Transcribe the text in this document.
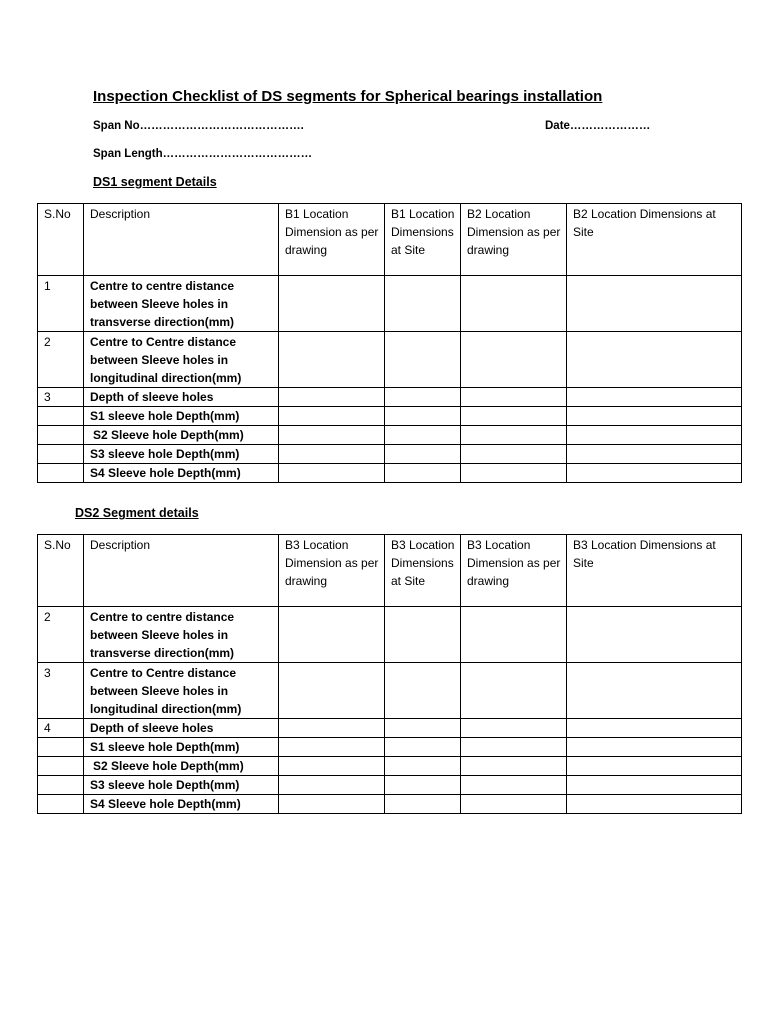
Inspection Checklist of DS segments for Spherical bearings installation
Span No…………………………………….	Date…………………
Span Length…………………………………
DS1 segment Details
S.No	Description	B1 Location Dimension as per drawing	B1 Location Dimensions at Site	B2 Location Dimension as per drawing	B2 Location Dimensions at Site
1	Centre to centre distance between Sleeve holes in transverse direction(mm)				
2	Centre to Centre distance between Sleeve holes in longitudinal direction(mm)				
3	Depth of sleeve holes				
	S1 sleeve hole Depth(mm)				
	S2 Sleeve hole Depth(mm)				
	S3 sleeve hole Depth(mm)				
	S4 Sleeve hole Depth(mm)				
DS2 Segment details
S.No	Description	B3 Location Dimension as per drawing	B3 Location Dimensions at Site	B3 Location Dimension as per drawing	B3 Location Dimensions at Site
2	Centre to centre distance between Sleeve holes in transverse direction(mm)				
3	Centre to Centre distance between Sleeve holes in longitudinal direction(mm)				
4	Depth of sleeve holes				
	S1 sleeve hole Depth(mm)				
	S2 Sleeve hole Depth(mm)				
	S3 sleeve hole Depth(mm)				
	S4 Sleeve hole Depth(mm)				
